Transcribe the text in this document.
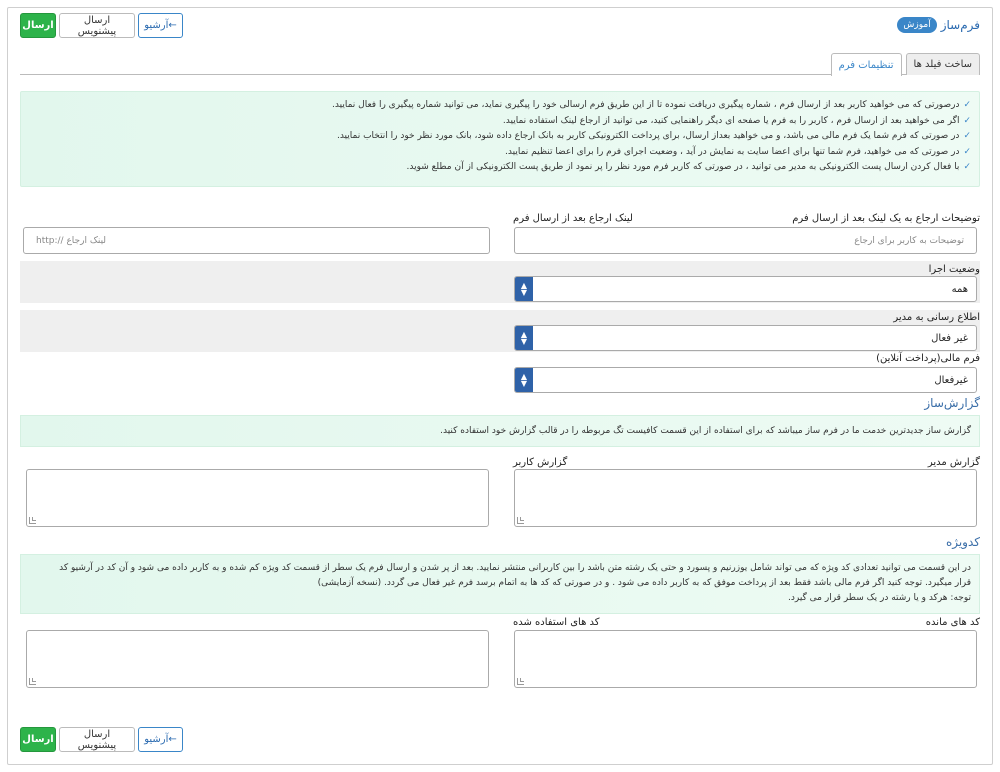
فرم‌ساز
آموزش
ارسال	ارسال پیشنویس	آرشیو←
ساخت فیلد ها
تنظیمات فرم
✓درصورتی که می خواهید کاربر بعد از ارسال فرم ، شماره پیگیری دریافت نموده تا از این طریق فرم ارسالی خود را پیگیری نماید، می توانید شماره پیگیری را فعال نمایید.
✓اگر می خواهید بعد از ارسال فرم ، کاربر را به فرم یا صفحه ای دیگر راهنمایی کنید، می توانید از ارجاع لینک استفاده نمایید.
✓در صورتی که فرم شما یک فرم مالی می باشد، و می خواهید بعداز ارسال، برای پرداخت الکترونیکی کاربر به بانک ارجاع داده شود، بانک مورد نظر خود را انتخاب نمایید.
✓در صورتی که می خواهید، فرم شما تنها برای اعضا سایت به نمایش در آید ، وضعیت اجرای فرم را برای اعضا تنظیم نمایید.
✓با فعال کردن ارسال پست الکترونیکی به مدیر می توانید ، در صورتی که کاربر فرم مورد نظر را پر نمود از طریق پست الکترونیکی از آن مطلع شوید.
توضیحات ارجاع به یک لینک بعد از ارسال فرم
توضیحات به کاربر برای ارجاع
لینک ارجاع بعد از ارسال فرم
http:// لینک ارجاع
وضعیت اجرا
همه
▲
▼
اطلاع رسانی به مدیر
غیر فعال
▲
▼
فرم مالی(پرداخت آنلاین)
غیرفعال
▲
▼
گزارش‌ساز
گزارش ساز جدیدترین خدمت ما در فرم ساز میباشد که برای استفاده از این قسمت کافیست تگ مربوطه را در قالب گزارش خود استفاده کنید.
گزارش مدیر
گزارش کاربر
کدویژه
در این قسمت می توانید تعدادی کد ویژه که می تواند شامل یوزرنیم و پسورد و حتی یک رشته متن باشد را بین کاربرانی منتشر نمایید. بعد از پر شدن و ارسال فرم یک سطر از قسمت کد ویژه کم شده و به کاربر داده می شود و آن کد در آرشیو کد
قرار میگیرد. توجه کنید اگر فرم مالی باشد فقط بعد از پرداخت موفق که به کاربر داده می شود . و در صورتی که کد ها به اتمام برسد فرم غیر فعال می گردد. (نسخه آزمایشی)
توجه: هرکد و یا رشته در یک سطر قرار می گیرد.
کد های مانده
کد های استفاده شده
ارسال	ارسال پیشنویس	آرشیو←
